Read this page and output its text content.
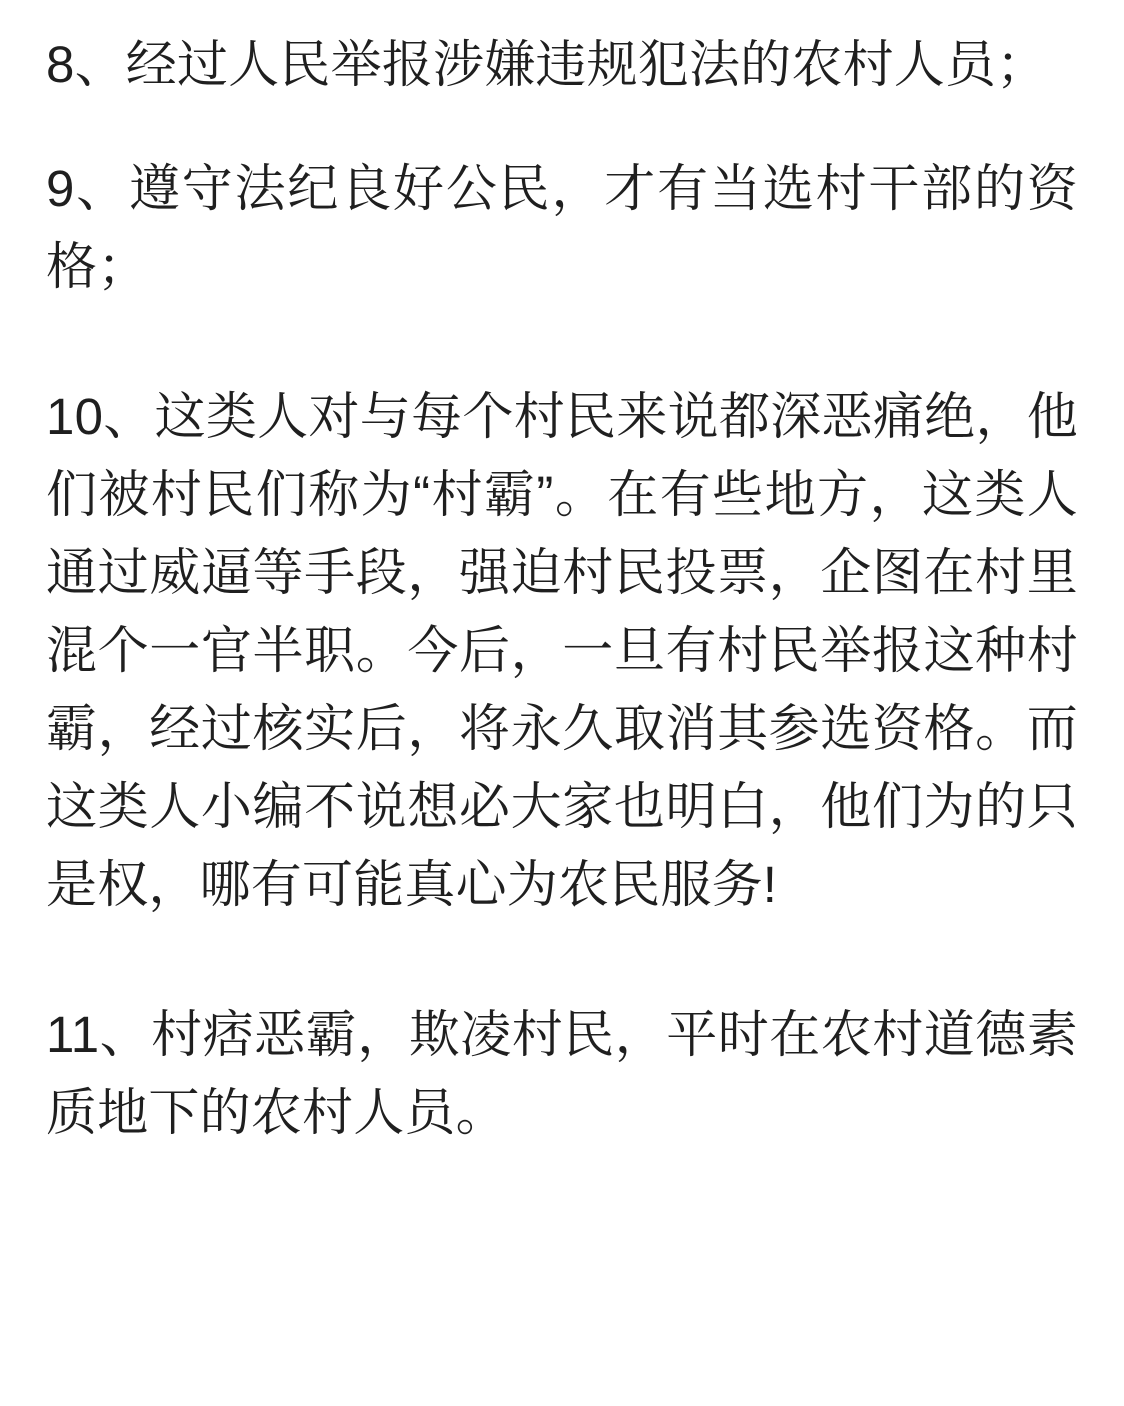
8、经过人民举报涉嫌违规犯法的农村人员；

9、遵守法纪良好公民，才有当选村干部的资格；

10、这类人对与每个村民来说都深恶痛绝，他们被村民们称为“村霸”。在有些地方，这类人通过威逼等手段，强迫村民投票，企图在村里混个一官半职。今后，一旦有村民举报这种村霸，经过核实后，将永久取消其参选资格。而这类人小编不说想必大家也明白，他们为的只是权，哪有可能真心为农民服务!

11、村痞恶霸，欺凌村民，平时在农村道德素质地下的农村人员。
